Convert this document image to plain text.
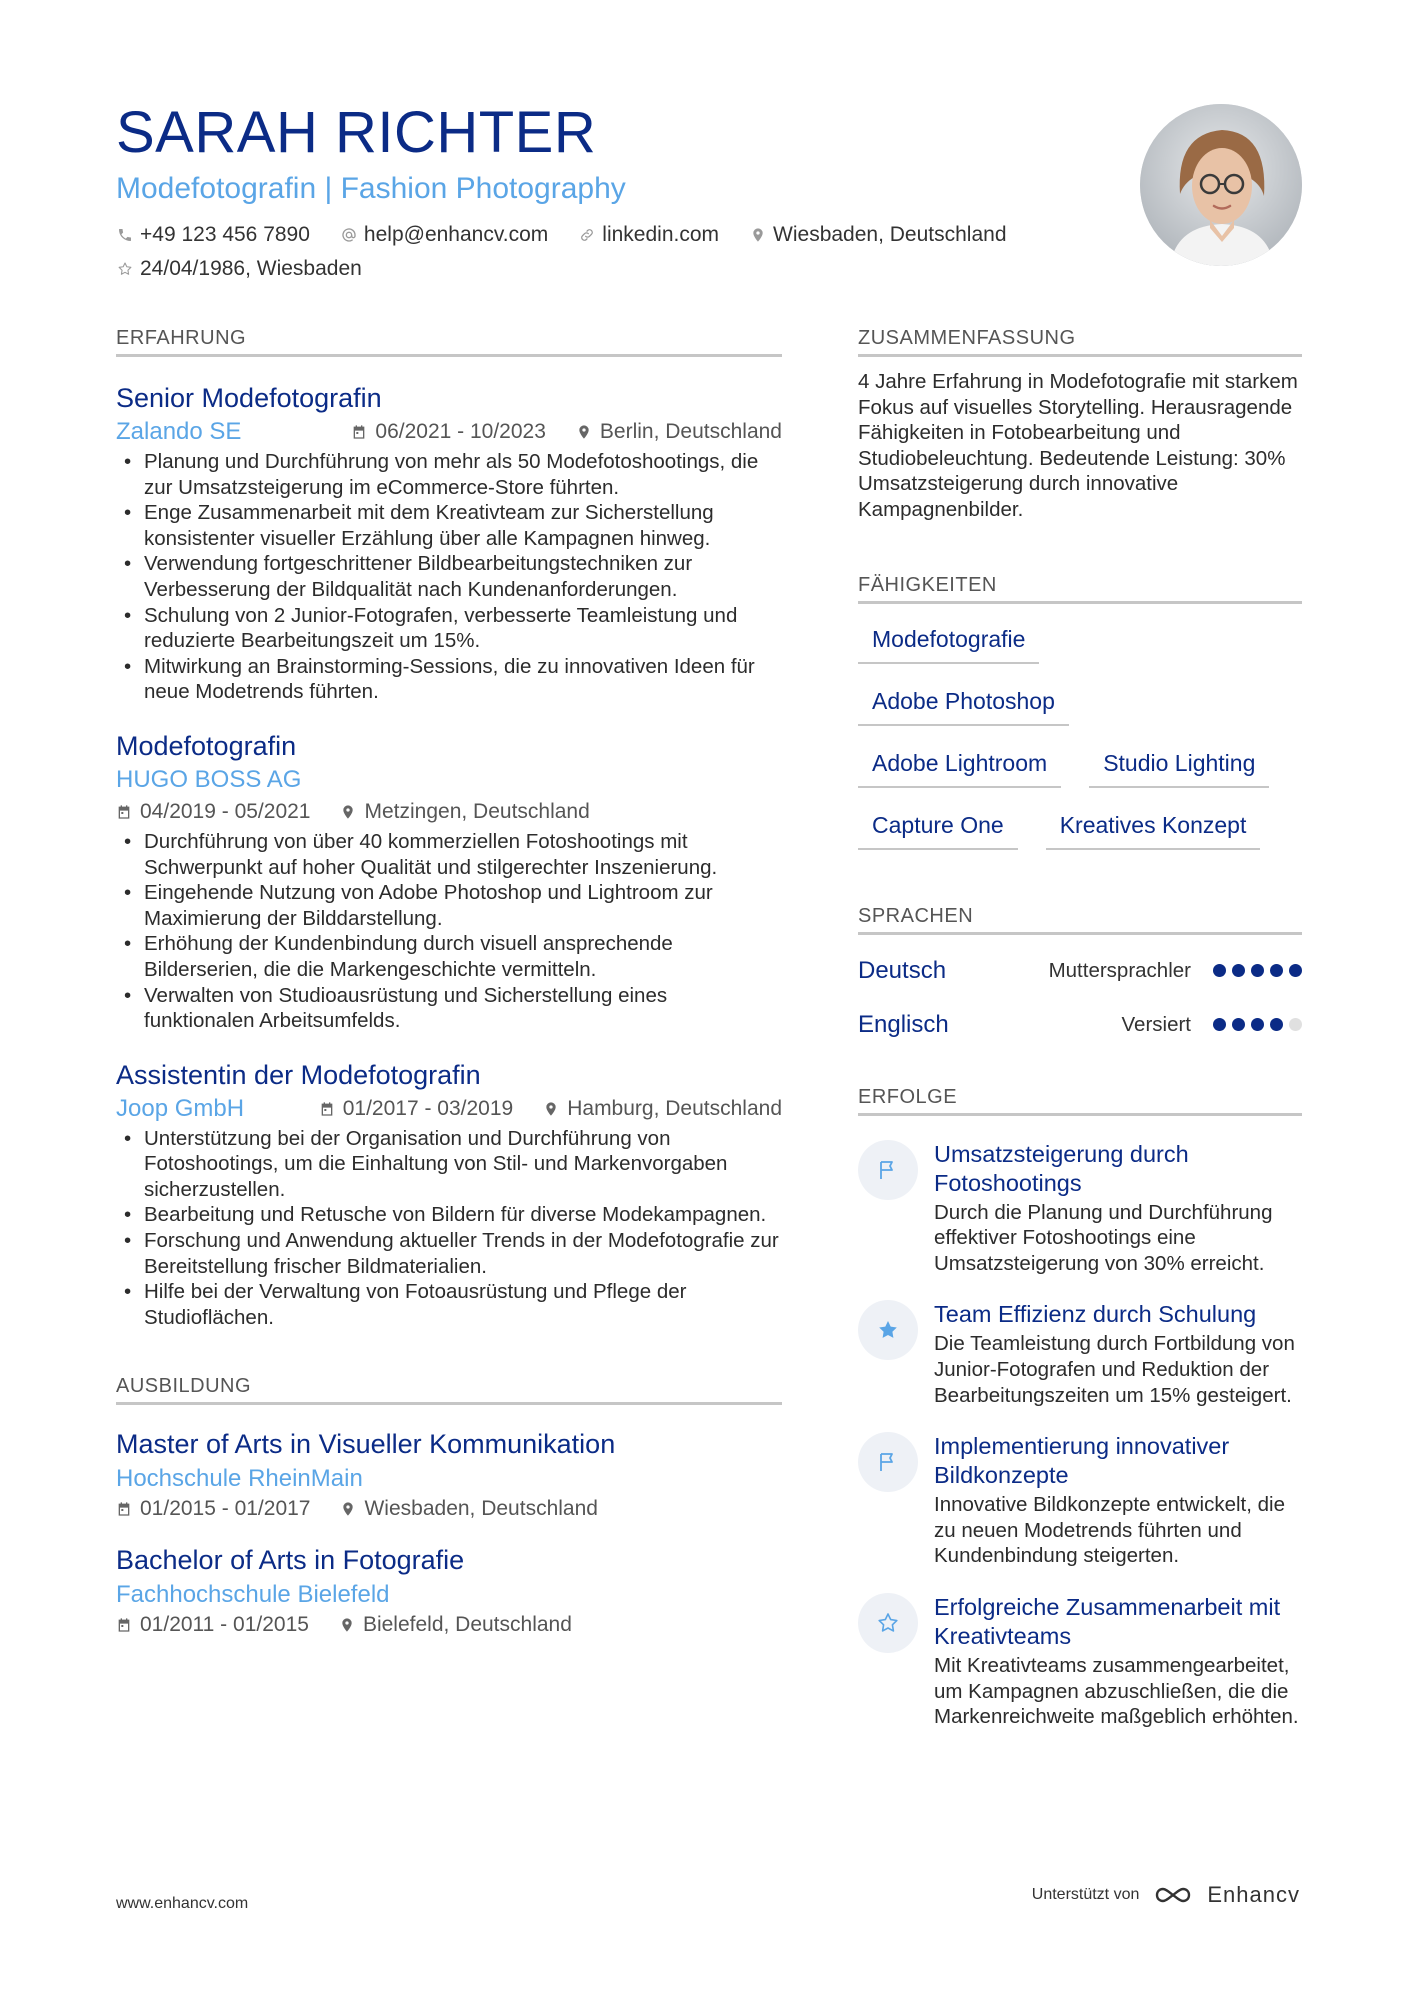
SARAH RICHTER
Modefotografin | Fashion Photography
+49 123 456 7890	help@enhancv.com	linkedin.com	Wiesbaden, Deutschland
24/04/1986, Wiesbaden
ERFAHRUNG
Senior Modefotografin
Zalando SE	06/2021 - 10/2023	Berlin, Deutschland
• Planung und Durchführung von mehr als 50 Modefotoshootings, die zur Umsatzsteigerung im eCommerce-Store führten.
• Enge Zusammenarbeit mit dem Kreativteam zur Sicherstellung konsistenter visueller Erzählung über alle Kampagnen hinweg.
• Verwendung fortgeschrittener Bildbearbeitungstechniken zur Verbesserung der Bildqualität nach Kundenanforderungen.
• Schulung von 2 Junior-Fotografen, verbesserte Teamleistung und reduzierte Bearbeitungszeit um 15%.
• Mitwirkung an Brainstorming-Sessions, die zu innovativen Ideen für neue Modetrends führten.
Modefotografin
HUGO BOSS AG
04/2019 - 05/2021	Metzingen, Deutschland
• Durchführung von über 40 kommerziellen Fotoshootings mit Schwerpunkt auf hoher Qualität und stilgerechter Inszenierung.
• Eingehende Nutzung von Adobe Photoshop und Lightroom zur Maximierung der Bilddarstellung.
• Erhöhung der Kundenbindung durch visuell ansprechende Bilderserien, die die Markengeschichte vermitteln.
• Verwalten von Studioausrüstung und Sicherstellung eines funktionalen Arbeitsumfelds.
Assistentin der Modefotografin
Joop GmbH	01/2017 - 03/2019	Hamburg, Deutschland
• Unterstützung bei der Organisation und Durchführung von Fotoshootings, um die Einhaltung von Stil- und Markenvorgaben sicherzustellen.
• Bearbeitung und Retusche von Bildern für diverse Modekampagnen.
• Forschung und Anwendung aktueller Trends in der Modefotografie zur Bereitstellung frischer Bildmaterialien.
• Hilfe bei der Verwaltung von Fotoausrüstung und Pflege der Studioflächen.
AUSBILDUNG
Master of Arts in Visueller Kommunikation
Hochschule RheinMain
01/2015 - 01/2017	Wiesbaden, Deutschland
Bachelor of Arts in Fotografie
Fachhochschule Bielefeld
01/2011 - 01/2015	Bielefeld, Deutschland
ZUSAMMENFASSUNG
4 Jahre Erfahrung in Modefotografie mit starkem Fokus auf visuelles Storytelling. Herausragende Fähigkeiten in Fotobearbeitung und Studiobeleuchtung. Bedeutende Leistung: 30% Umsatzsteigerung durch innovative Kampagnenbilder.
FÄHIGKEITEN
Modefotografie
Adobe Photoshop
Adobe Lightroom	Studio Lighting
Capture One	Kreatives Konzept
SPRACHEN
Deutsch	Muttersprachler
Englisch	Versiert
ERFOLGE
Umsatzsteigerung durch Fotoshootings
Durch die Planung und Durchführung effektiver Fotoshootings eine Umsatzsteigerung von 30% erreicht.
Team Effizienz durch Schulung
Die Teamleistung durch Fortbildung von Junior-Fotografen und Reduktion der Bearbeitungszeiten um 15% gesteigert.
Implementierung innovativer Bildkonzepte
Innovative Bildkonzepte entwickelt, die zu neuen Modetrends führten und Kundenbindung steigerten.
Erfolgreiche Zusammenarbeit mit Kreativteams
Mit Kreativteams zusammengearbeitet, um Kampagnen abzuschließen, die die Markenreichweite maßgeblich erhöhten.
www.enhancv.com
Unterstützt von	Enhancv
